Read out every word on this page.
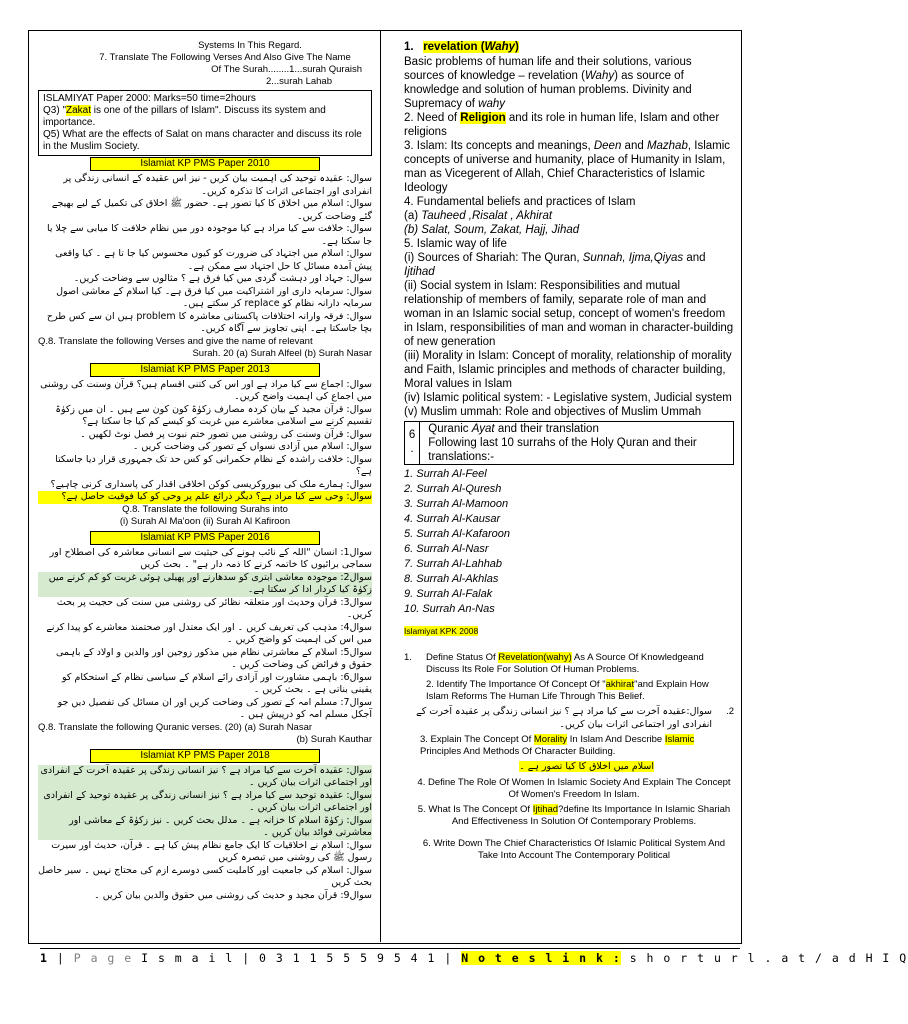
Systems In This Regard.
7. Translate The Following Verses And Also Give The Name
Of The Surah........1...surah Quraish
2...surah Lahab
ISLAMIYAT Paper 2000: Marks=50 time=2hours
Q3) "Zakat is one of the pillars of Islam". Discuss its system and importance.
Q5) What are the effects of Salat on mans character and discuss its role in the Muslim Society.
Islamiat KP PMS Paper 2010
سوال: عقیدہ توحید کی اہمیت بیان کریں - نیز اس عقیدہ کے انسانی زندگی پر انفرادی اور اجتماعی اثرات کا تذکرہ کریں۔
سوال: اسلام میں اخلاق کا کیا تصور ہے۔ حضور ﷺ اخلاق کی تکمیل کے لیے بھیجے گئے وضاحت کریں۔
سوال: خلافت سے کیا مراد ہے کیا موجودہ دور میں نظام خلافت کا میابی سے چلا یا جا سکتا ہے۔
سوال: اسلام میں اجتہاد کی ضرورت کو کیوں محسوس کیا جا تا ہے ۔ کیا واقعی پیش آمدہ مسائل کا حل اجتہاد سے ممکن ہے۔
سوال: جہاد اور دہشت گردی میں کیا فرق ہے ؟ مثالوں سے وضاحت کریں۔
سوال: سرمایہ داری اور اشتراکیت میں کیا فرق ہے۔ کیا اسلام کے معاشی اصول سرمایہ دارانہ نظام کو replace کر سکتے ہیں۔
سوال: فرقہ وارانہ اختلافات پاکستانی معاشرہ کا problem ہیں ان سے کس طرح بچا جاسکتا ہے۔ اپنی تجاویز سے آگاہ کریں۔
Q.8. Translate the following Verses and give the name of relevant
Surah. 20 (a) Surah Alfeel (b) Surah Nasar
Islamiat KP PMS Paper 2013
سوال: اجماع سے کیا مراد ہے اور اس کی کتنی اقسام ہیں؟ قرآن وسنت کی روشنی میں اجماع کی اہمیت واضح کریں۔
سوال: قرآن مجید کے بیان کردہ مصارف زکوٰۃ کون کون سے ہیں ۔ ان میں زکوٰۃ تقسیم کرنے سے اسلامی معاشرے میں غربت کو کیسے کم کیا جا سکتا ہے؟
سوال: قرآن وسنت کی روشنی میں تصور ختم نبوت پر فصل نوٹ لکھیں ۔
سوال: اسلام میں آزادی نسواں کے تصور کی وضاحت کریں ۔
سوال: خلافت راشدہ کے نظام حکمرانی کو کس حد تک جمہوری قرار دیا جاسکتا ہے؟
سوال: ہمارے ملک کی بیوروکریسی کوکن اخلاقی اقدار کی پاسداری کرنی چاہیے؟
سوال: وحی سے کیا مراد ہے؟ دیگر ذرائع علم پر وحی کو کیا فوقیت حاصل ہے؟
Q.8. Translate the following Surahs into
(i) Surah Al Ma'oon (ii) Surah Al Kafiroon
Islamiat KP PMS Paper 2016
سوال1: انسان "اللہ کے نائب ہونے کی حیثیت سے انسانی معاشرہ کی اصطلاح اور سماجی برائیوں کا خاتمہ کرنے کا ذمہ دار ہے" ۔ بحث کریں
سوال2: موجودہ معاشی ابتری کو سدھارنے اور پھیلی ہوئی غربت کو کم کرنے میں زکوٰۃ کیا کردار ادا کر سکتا ہے۔
سوال3: قرآن وحدیث اور متعلقہ نظائر کی روشنی میں سنت کی حجیت پر بحث کریں۔
سوال4: مذہب کی تعریف کریں ۔ اور ایک معتدل اور صحتمند معاشرے کو پیدا کرنے میں اس کی اہمیت کو واضح کریں ۔
سوال5: اسلام کے معاشرتی نظام میں مذکور زوجین اور والدین و اولاد کے باہمی حقوق و فرائض کی وضاحت کریں ۔
سوال6: باہمی مشاورت اور آزادی رائے اسلام کے سیاسی نظام کے استحکام کو یقینی بناتی ہے ۔ بحث کریں ۔
سوال7: مسلم امہ کے تصور کی وضاحت کریں اور ان مسائل کی تفصیل دیں جو آجکل مسلم امہ کو درپیش ہیں ۔
Q.8. Translate the following Quranic verses. (20) (a) Surah Nasar
(b) Surah Kauthar
Islamiat KP PMS Paper 2018
سوال: عقیدہ آخرت سے کیا مراد ہے ؟ نیز انسانی زندگی پر عقیدہ آخرت کے انفرادی اور اجتماعی اثرات بیان کریں ۔
سوال: عقیدہ توحید سے کیا مراد ہے ؟ نیز انسانی زندگی پر عقیدہ توحید کے انفرادی اور اجتماعی اثرات بیان کریں ۔
سوال: زکوٰۃ اسلام کا خزانہ ہے ۔ مدلل بحث کریں ۔ نیز زکوٰۃ کے معاشی اور معاشرتی فوائد بیان کریں ۔
سوال: اسلام نے اخلاقیات کا ایک جامع نظام پیش کیا ہے ۔ قرآن، حدیث اور سیرت رسول ﷺ کی روشنی میں تبصرہ کریں
سوال: اسلام کی جامعیت اور کاملیت کسی دوسرے ازم کی محتاج نہیں ۔ سیر حاصل بحث کریں
سوال9: قرآن مجید و حدیث کی روشنی میں حقوق والدین بیان کریں ۔

1. revelation (Wahy)

Basic problems of human life and their solutions, various sources of knowledge – revelation (Wahy) as source of knowledge and solution of human problems. Divinity and Supremacy of wahy

2. Need of Religion and its role in human life, Islam and other religions

3. Islam: Its concepts and meanings, Deen and Mazhab, Islamic concepts of universe and humanity, place of Humanity in Islam, man as Vicegerent of Allah, Chief Characteristics of Islamic Ideology

4. Fundamental beliefs and practices of Islam

(a) Tauheed ,Risalat , Akhirat

(b) Salat, Soum, Zakat, Hajj, Jihad

5. Islamic way of life

(i) Sources of Shariah: The Quran, Sunnah, Ijma,Qiyas and Ijtihad

(ii) Social system in Islam: Responsibilities and mutual relationship of members of family, separate role of man and woman in an Islamic social setup, concept of women's freedom in Islam, responsibilities of man and woman in character-building of new generation

(iii) Morality in Islam: Concept of morality, relationship of morality and Faith, Islamic principles and methods of character building, Moral values in Islam

(iv) Islamic political system: - Legislative system, Judicial system

(v) Muslim ummah: Role and objectives of Muslim Ummah

6
.
Quranic Ayat and their translation
Following last 10 surrahs of the Holy Quran and their translations:-
1. Surrah Al-Feel
2. Surrah Al-Quresh
3. Surrah Al-Mamoon
4. Surrah Al-Kausar
5. Surrah Al-Kafaroon
6. Surrah Al-Nasr
7. Surrah Al-Lahhab
8. Surrah Al-Akhlas
9. Surrah Al-Falak
10. Surrah An-Nas
Islamiyat KPK 2008
1.	Define Status Of Revelation(wahy) As A Source Of Knowledgeand Discuss Its Role For Solution Of Human Problems.
2. Identify The Importance Of Concept Of "akhirat"and Explain How Islam Reforms The Human Life Through This Belief.
سوال:عقیدہ آخرت سے کیا مراد ہے ؟ نیز انسانی زندگی پر عقیدہ آخرت کے انفرادی اور اجتماعی اثرات بیان کریں۔
.2
3. Explain The Concept Of Morality In Islam And Describe Islamic Principles And Methods Of Character Building.
اسلام میں اخلاق کا کیا تصور ہے ۔
4. Define The Role Of Women In Islamic Society And Explain The Concept Of Women's Freedom In Islam.
5. What Is The Concept Of Ijtihad?define Its Importance In Islamic Shariah And Effectiveness In Solution Of Contemporary Problems.
6. Write Down The Chief Characteristics Of Islamic Political System And Take Into Account The Contemporary Political
1 | P a g e I s m a i l | 0 3 1 1 5 5 5 9 5 4 1 | N o t e s l i n k : s h o r t u r l . a t / a d H I Q
